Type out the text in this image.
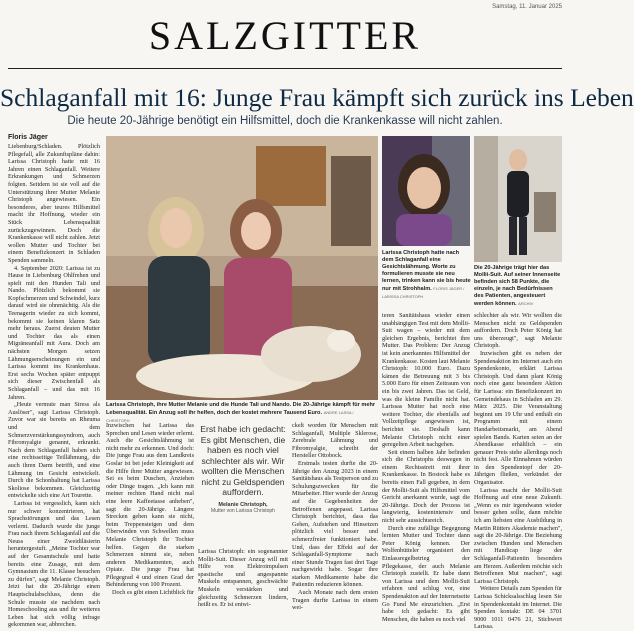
Samstag, 11. Januar 2025
SALZGITTER
Schlaganfall mit 16: Junge Frau kämpft sich zurück ins Leben
Die heute 20-Jährige benötigt ein Hilfsmittel, doch die Krankenkasse will nicht zahlen.
Floris Jäger

Liebenburg/Schladen. Plötzlich Pflegefall, alle Zukunftspläne dahin: Larissa Christoph hatte mit 16 Jahren einen Schlaganfall. Weitere Erkrankungen und Schmerzen folgten. Seitdem ist sie voll auf die Unterstützung ihrer Mutter Melanie Christoph angewiesen. Ein besonderes, aber teures Hilfsmittel macht ihr Hoffnung, wieder ein Stück Lebensqualität zurückzugewinnen. Doch die Krankenkasse will nicht zahlen. Jetzt wollen Mutter und Tochter bei einem Benefizkonzert in Schladen Spenden sammeln.

4. September 2020: Larissa ist zu Hause in Liebenburg Ohlfrehen und spielt mit den Hunden Tali und Nando. Plötzlich bekommt sie Kopfschmerzen und Schwindel, kurz darauf wird sie ohnmächtig. Als die Teenagerin wieder zu sich kommt, bekommt sie keinen klaren Satz mehr heraus. Zuerst deuten Mutter und Tochter das als einen Migräneanfall mit Aura. Doch am nächsten Morgen setzen Lähmungserscheinungen ein und Larissa kommt ins Krankenhaus. Erst sechs Wochen später entpuppt sich dieser Zwischenfall als Schlaganfall – und das mit 16 Jahren.

„Heute vermute man Stress als Auslöser", sagt Larissa Christoph. Zuvor war sie bereits an Rheuma und dem Schmerzverstärkungssyndrom, auch Fibromyalgie genannt, erkrankt. Nach dem Schlaganfall haben sich eine rechtsseitige Teillähmung, die auch ihren Darm betrifft, und eine Lähmung im Gesicht entwickelt. Durch die Schonhaltung hat Larissa Skoliose bekommen. Gleichzeitig entwickelte sich eine Art Tourette.

Larissa ist vergesslich, kann sich nur schwer konzentrieren, hat Sprachstörungen und das Lesen verlernt. Dadurch wurde die junge Frau nach ihrem Schlaganfall auf die Neuss einer Zweidiläsierin heruntergestuft. „Meine Tochter war auf der Gesamtschule und hatte bereits eine Zusage, mit dem Gymnasium die 11. Klasse besuchen zu dürfen", sagt Melanie Christoph. Jetzt hat die 20-Jährige einen Hauptschulabschluss, denn die Schule musste sie nachdem nach Homeschooling aus und ihr weiteres Leben hat sich völlig infrage gekommen war, abbrechen.

Larissa Christoph hatte nach dem Schlaganfall eine Gesichtslähmung. Worte zu formulieren musste sie neu lernen, trinken kann sie bis heute nur mit Strohhalm. FLORIS JÄGER / LARISSA CHRISTOPH
Die 20-Jährige trägt hier das Mollii-Suit. Auf seiner Innenseite befinden sich 58 Punkte, die einzeln, je nach Bedürfnissen des Patienten, angesteuert werden können. ARCHIV
Larissa Christoph, ihre Mutter Melanie und die Hunde Tali und Nando. Die 20-Jährige kämpft für mehr Lebensqualität. Ein Anzug soll ihr helfen, doch der kostet mehrere Tausend Euro. ANDRE LASSA / CHRISTOPH

Inzwischen hat Larissa das Sprechen und Lesen wieder erlernt. Auch die Gesichtslähmung ist nicht mehr zu erkennen. Und doch: Die junge Frau aus dem Landkreis Goslar ist bei jeder Kleinigkeit auf die Hilfe ihrer Mutter angewiesen. Sei es beim Duschen, Anziehen oder Dinge tragen. „Ich kann mit meiner rechten Hand nicht mal eine leere Kaffeetasse anheben", sagt die 20-Jährige. Längere Strecken gehen kann sie nicht, beim Treppensteigen und dem Überwinden von Schwellen muss Melanie Christoph ihr Tochter helfen. Gegen die starken Schmerzen nimmt sie, neben anderen Medikamenten, auch Opiate. Die junge Frau hat Pflegegrad 4 und einen Grad der Behinderung von 100 Prozent.

Doch es gibt einen Lichtblick für

Erst habe ich gedacht: Es gibt Menschen, die haben es noch viel schlechter als wir. Wir wollten die Menschen nicht zu Geldspenden auffordern.
Melanie Christoph,
Mutter von Larissa Christoph

Larissa Christoph: ein sogenannter Mollii-Suit. Dieser Anzug will mit Hilfe von Elektroimpulsen spastische und angespannte Muskeln entspannen, geschwächte Muskeln verstärken und gleichzeitig Schmerzen lindern, heißt es. Er ist entwi-

ckelt worden für Menschen mit Schlaganfall, Multiple Sklerose, Zerebrale Lähmung und Fibromyalgie, schreibt der Hersteller Ottobock.

Erstmals testen durfte die 20-Jährige den Anzug 2023 in einem Sanitätshaus als Testperson und zu Schulungszwecken für die Mitarbeiter. Hier wurde der Anzug auf die Gegebenheiten der Betroffenen angepasst. Larissa Christoph berichtet, dass das Gehen, Aufstehen und Hinsetzen plötzlich viel besser und schmerzfreier funktioniert habe. Und, dass der Effekt auf der Schlaganfall-Symptome nach einer Stunde Tragen fast drei Tage nachgewirkt habe. Sogar ihre starken Medikamente habe die Patientin reduzieren können.

Auch Monate nach dem ersten Tragen durfte Larissa in einem wei-

teren Sanitätshaus wieder einen unabhängigen Test mit dem Mollii-Suit wagen – wieder mit dem gleichen Ergebnis, berichtet ihre Mutter. Das Problem: Der Anzug ist kein anerkanntes Hilfsmittel der Krankenkasse. Kosten laut Melanie Christoph: 10.000 Euro. Dazu kämen die Betreuung mit 3 bis 5.000 Euro für einen Zeitraum von ein bis zwei Jahren. Das ist Geld, was die kleine Familie nicht hat. Larissas Mutter hat noch eine weitere Tochter, die ebenfalls auf Vollzeitpflege angewiesen ist, berichtet sie. Deshalb kann Melanie Christoph nicht einer geregelten Arbeit nachgehen.

Seit einem halben Jahr befinden sich die Christophs deswegen in einem Rechtsstreit mit ihrer Krankenkasse. In Bostock habe es bereits einen Fall gegeben, in dem der Mollii-Suit als Hilfsmittel vom Gericht anerkannt wurde, sagt die 20-Jährige. Doch der Prozess ist langwierig, kostenintensiv und nicht sehr aussichtsreich.

Durch eine zufällige Begegnung lernten Mutter und Tochter dann Peter König kennen. Der Wolfenbütteler organisiert den Einlassregelbetrieg der Pflegekasse, der auch Melanie Christoph zustellt. Er habe dann von Larissa und dem Mollii-Suit erfahren und schlug vor, eine Spendenaktion auf der Internetseite Go Fund Me einzurichten. „Erst habe ich gedacht: Es gibt Menschen, die haben es noch viel

schlechter als wir. Wir wollten die Menschen nicht zu Geldspenden auffordern. Doch Peter König hat uns überzeugt", sagt Melanie Christoph.

Inzwischen gibt es neben der Spendenaktion im Internet auch ein Spendenkonto, erklärt Larissa Christoph. Und dann plant König noch eine ganz besondere Aktion für Larissa: ein Benefizkonzert im Gemeindehaus in Schladen am 29. März 2025. Die Veranstaltung beginnt um 19 Uhr und enthält ein Programm mit einem Handarbeitsmarkt, am Abend spielen Bands. Karten seien an der Abendkasse erhältlich – ein genauer Preis stehe allerdings noch nicht fest. Alle Einnahmen würden in den Spendentopf der 20-Jährigen fließen, verkündet der Organisator.

Larissa macht der Mollii-Suit Hoffnung auf eine neue Zukunft. „Wenn es mir irgendwann wieder besser gehen sollte, dann möchte ich am liebsten eine Ausbildung in Martin Rütters Akademie machen", sagt die 20-Jährige. Die Beziehung zwischen Hunden und Menschen mit Handicap liege der Schlaganfall-Patientin besonders am Herzen. Außerdem möchte sich Betroffenen Mut machen", sagt Larissa Christoph.

Weitere Details zum Spenden für Larissa Schicksalsschlag lesen Sie in Spendenkontakt im Internet. Die Spenden kontakt: DE 04 3701 9000 1011 0476 21, Stichwort Larissa.
